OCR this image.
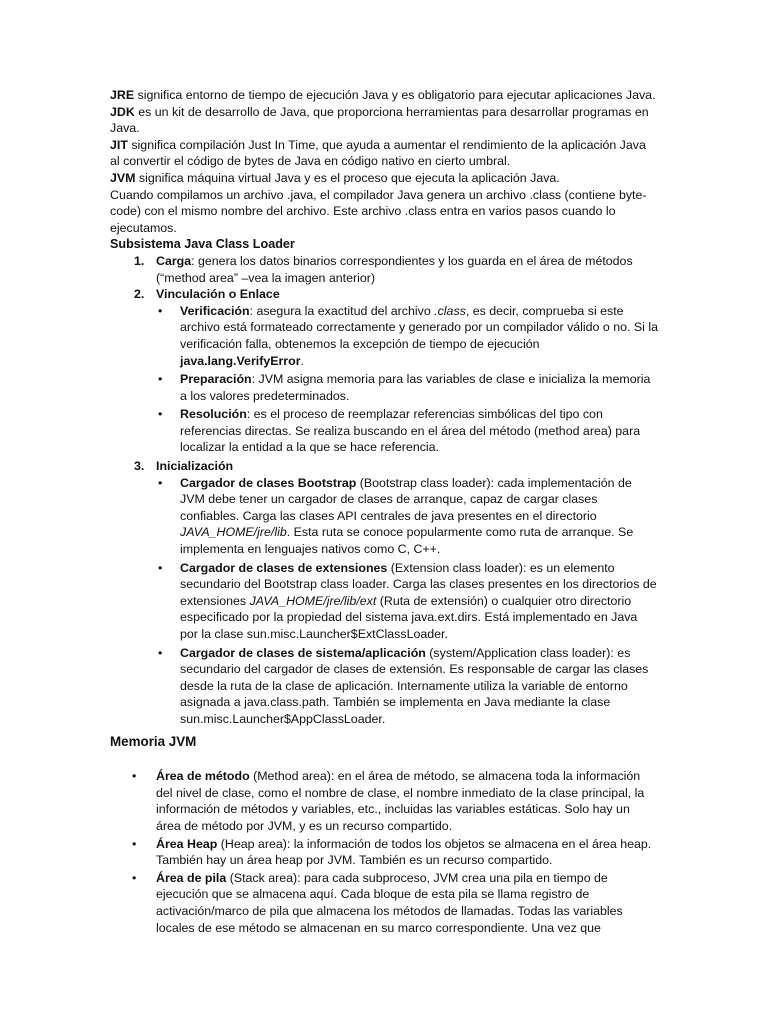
JRE significa entorno de tiempo de ejecución Java y es obligatorio para ejecutar aplicaciones Java.

JDK es un kit de desarrollo de Java, que proporciona herramientas para desarrollar programas en Java.

JIT significa compilación Just In Time, que ayuda a aumentar el rendimiento de la aplicación Java al convertir el código de bytes de Java en código nativo en cierto umbral.

JVM significa máquina virtual Java y es el proceso que ejecuta la aplicación Java.

Cuando compilamos un archivo .java, el compilador Java genera un archivo .class (contiene byte-code) con el mismo nombre del archivo. Este archivo .class entra en varios pasos cuando lo ejecutamos.

Subsistema Java Class Loader
1. Carga: genera los datos binarios correspondientes y los guarda en el área de métodos (“method area” –vea la imagen anterior)
2. Vinculación o Enlace
• Verificación: asegura la exactitud del archivo .class, es decir, comprueba si este archivo está formateado correctamente y generado por un compilador válido o no. Si la verificación falla, obtenemos la excepción de tiempo de ejecución java.lang.VerifyError.
• Preparación: JVM asigna memoria para las variables de clase e inicializa la memoria a los valores predeterminados.
• Resolución: es el proceso de reemplazar referencias simbólicas del tipo con referencias directas. Se realiza buscando en el área del método (method area) para localizar la entidad a la que se hace referencia.
3. Inicialización
• Cargador de clases Bootstrap (Bootstrap class loader): cada implementación de JVM debe tener un cargador de clases de arranque, capaz de cargar clases confiables. Carga las clases API centrales de java presentes en el directorio JAVA_HOME/jre/lib. Esta ruta se conoce popularmente como ruta de arranque. Se implementa en lenguajes nativos como C, C++.
• Cargador de clases de extensiones (Extension class loader): es un elemento secundario del Bootstrap class loader. Carga las clases presentes en los directorios de extensiones JAVA_HOME/jre/lib/ext (Ruta de extensión) o cualquier otro directorio especificado por la propiedad del sistema java.ext.dirs. Está implementado en Java por la clase sun.misc.Launcher$ExtClassLoader.
• Cargador de clases de sistema/aplicación (system/Application class loader): es secundario del cargador de clases de extensión. Es responsable de cargar las clases desde la ruta de la clase de aplicación. Internamente utiliza la variable de entorno asignada a java.class.path. También se implementa en Java mediante la clase sun.misc.Launcher$AppClassLoader.
Memoria JVM
• Área de método (Method area): en el área de método, se almacena toda la información del nivel de clase, como el nombre de clase, el nombre inmediato de la clase principal, la información de métodos y variables, etc., incluidas las variables estáticas. Solo hay un área de método por JVM, y es un recurso compartido.
• Área Heap (Heap area): la información de todos los objetos se almacena en el área heap. También hay un área heap por JVM. También es un recurso compartido.
• Área de pila (Stack area): para cada subproceso, JVM crea una pila en tiempo de ejecución que se almacena aquí. Cada bloque de esta pila se llama registro de activación/marco de pila que almacena los métodos de llamadas. Todas las variables locales de ese método se almacenan en su marco correspondiente. Una vez que
